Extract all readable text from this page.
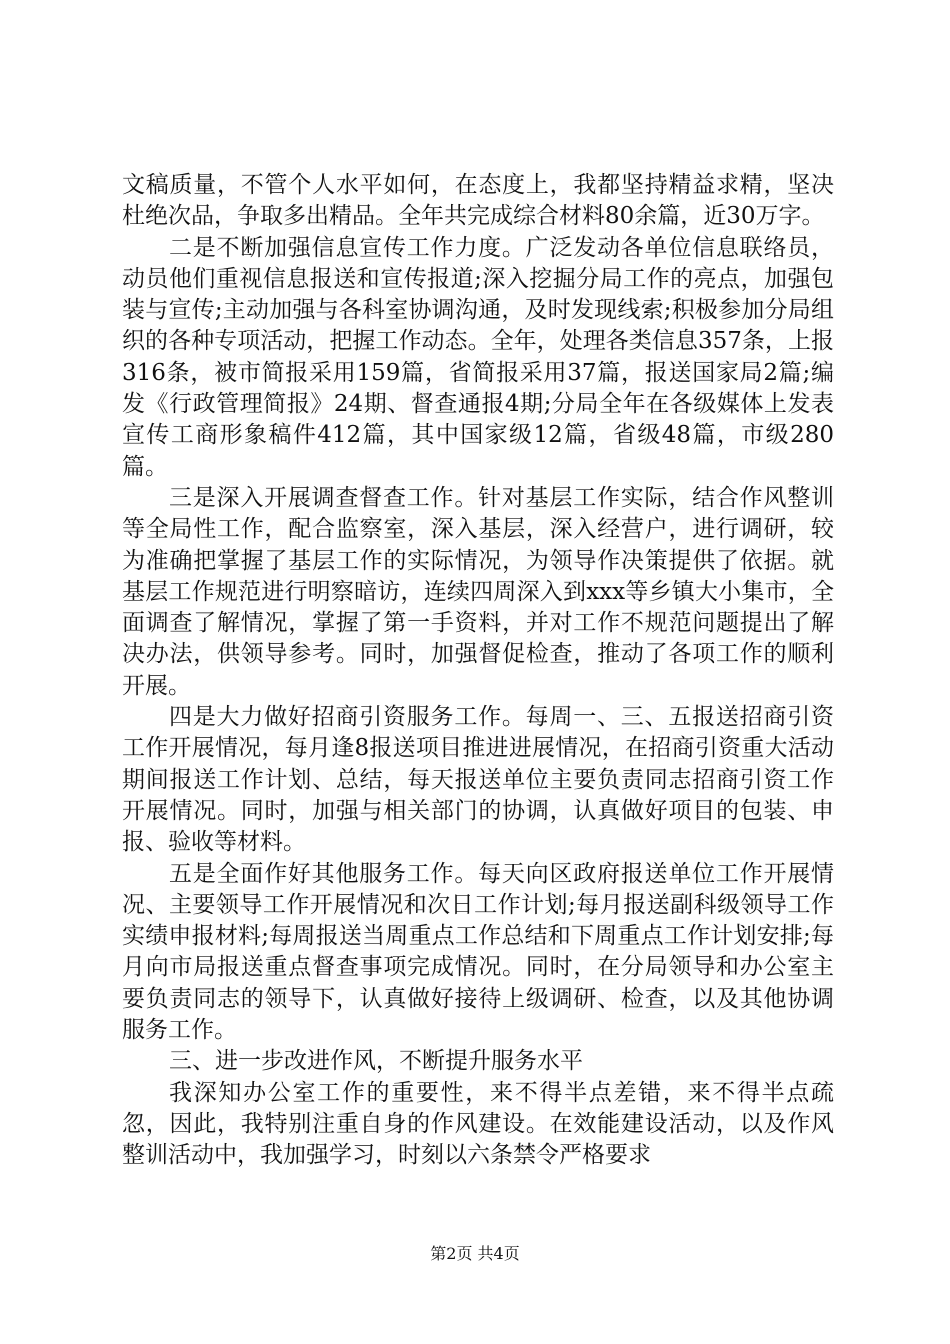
文稿质量，不管个人水平如何，在态度上，我都坚持精益求精，坚决杜绝次品，争取多出精品。全年共完成综合材料80余篇，近30万字。

二是不断加强信息宣传工作力度。广泛发动各单位信息联络员，动员他们重视信息报送和宣传报道;深入挖掘分局工作的亮点，加强包装与宣传;主动加强与各科室协调沟通，及时发现线索;积极参加分局组织的各种专项活动，把握工作动态。全年，处理各类信息357条，上报316条，被市简报采用159篇，省简报采用37篇，报送国家局2篇;编发《行政管理简报》24期、督查通报4期;分局全年在各级媒体上发表宣传工商形象稿件412篇，其中国家级12篇，省级48篇，市级280篇。

三是深入开展调查督查工作。针对基层工作实际，结合作风整训等全局性工作，配合监察室，深入基层，深入经营户，进行调研，较为准确把掌握了基层工作的实际情况，为领导作决策提供了依据。就基层工作规范进行明察暗访，连续四周深入到xxx等乡镇大小集市，全面调查了解情况，掌握了第一手资料，并对工作不规范问题提出了解决办法，供领导参考。同时，加强督促检查，推动了各项工作的顺利开展。

四是大力做好招商引资服务工作。每周一、三、五报送招商引资工作开展情况，每月逢8报送项目推进进展情况，在招商引资重大活动期间报送工作计划、总结，每天报送单位主要负责同志招商引资工作开展情况。同时，加强与相关部门的协调，认真做好项目的包装、申报、验收等材料。

五是全面作好其他服务工作。每天向区政府报送单位工作开展情况、主要领导工作开展情况和次日工作计划;每月报送副科级领导工作实绩申报材料;每周报送当周重点工作总结和下周重点工作计划安排;每月向市局报送重点督查事项完成情况。同时，在分局领导和办公室主要负责同志的领导下，认真做好接待上级调研、检查，以及其他协调服务工作。

三、进一步改进作风，不断提升服务水平

我深知办公室工作的重要性，来不得半点差错，来不得半点疏忽，因此，我特别注重自身的作风建设。在效能建设活动，以及作风整训活动中，我加强学习，时刻以六条禁令严格要求

第2页 共4页
